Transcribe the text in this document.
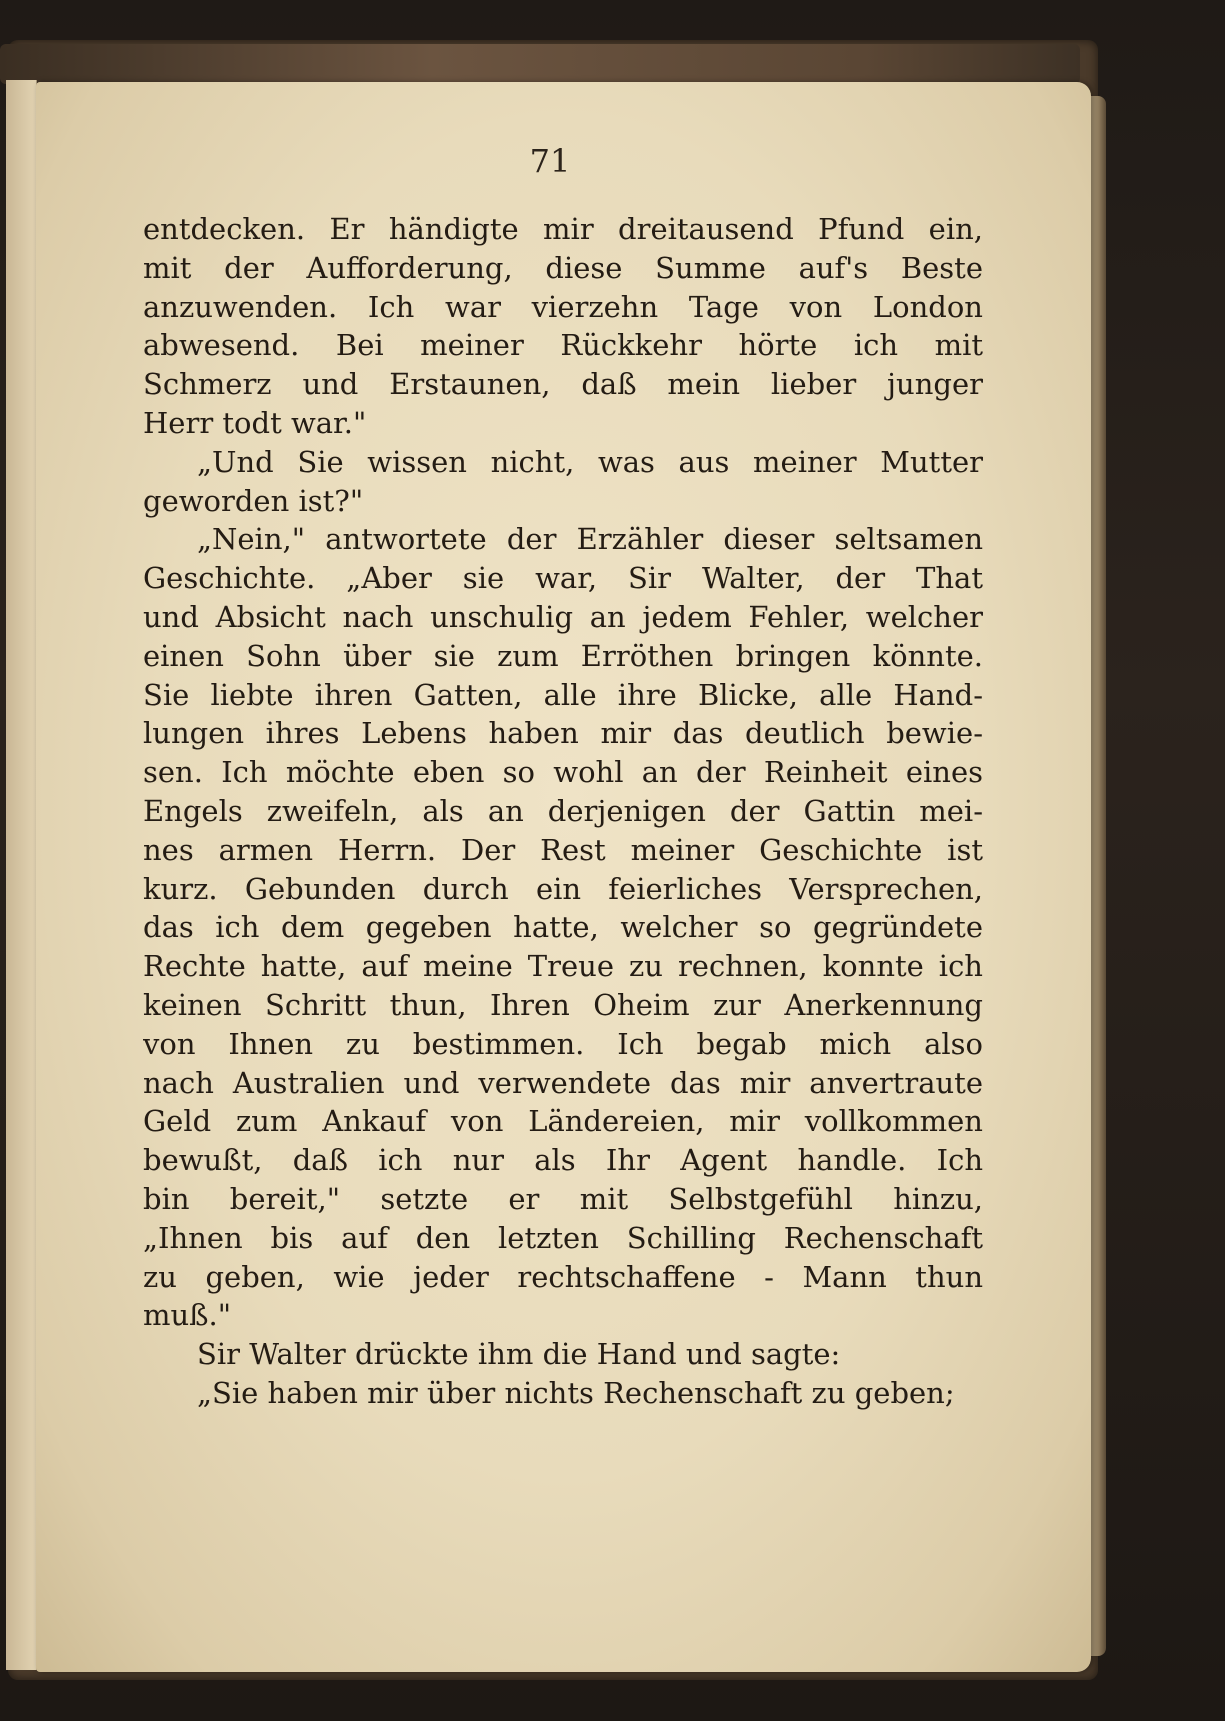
71
entdecken. Er händigte mir dreitausend Pfund ein,
mit der Aufforderung, diese Summe auf's Beste
anzuwenden. Ich war vierzehn Tage von London
abwesend. Bei meiner Rückkehr hörte ich mit
Schmerz und Erstaunen, daß mein lieber junger
Herr todt war."
„Und Sie wissen nicht, was aus meiner Mutter
geworden ist?"
„Nein," antwortete der Erzähler dieser seltsamen
Geschichte. „Aber sie war, Sir Walter, der That
und Absicht nach unschulig an jedem Fehler, welcher
einen Sohn über sie zum Erröthen bringen könnte.
Sie liebte ihren Gatten, alle ihre Blicke, alle Hand-
lungen ihres Lebens haben mir das deutlich bewie-
sen. Ich möchte eben so wohl an der Reinheit eines
Engels zweifeln, als an derjenigen der Gattin mei-
nes armen Herrn. Der Rest meiner Geschichte ist
kurz. Gebunden durch ein feierliches Versprechen,
das ich dem gegeben hatte, welcher so gegründete
Rechte hatte, auf meine Treue zu rechnen, konnte ich
keinen Schritt thun, Ihren Oheim zur Anerkennung
von Ihnen zu bestimmen. Ich begab mich also
nach Australien und verwendete das mir anvertraute
Geld zum Ankauf von Ländereien, mir vollkommen
bewußt, daß ich nur als Ihr Agent handle. Ich
bin bereit," setzte er mit Selbstgefühl hinzu,
„Ihnen bis auf den letzten Schilling Rechenschaft
zu geben, wie jeder rechtschaffene - Mann thun
muß."
Sir Walter drückte ihm die Hand und sagte:
„Sie haben mir über nichts Rechenschaft zu geben;
